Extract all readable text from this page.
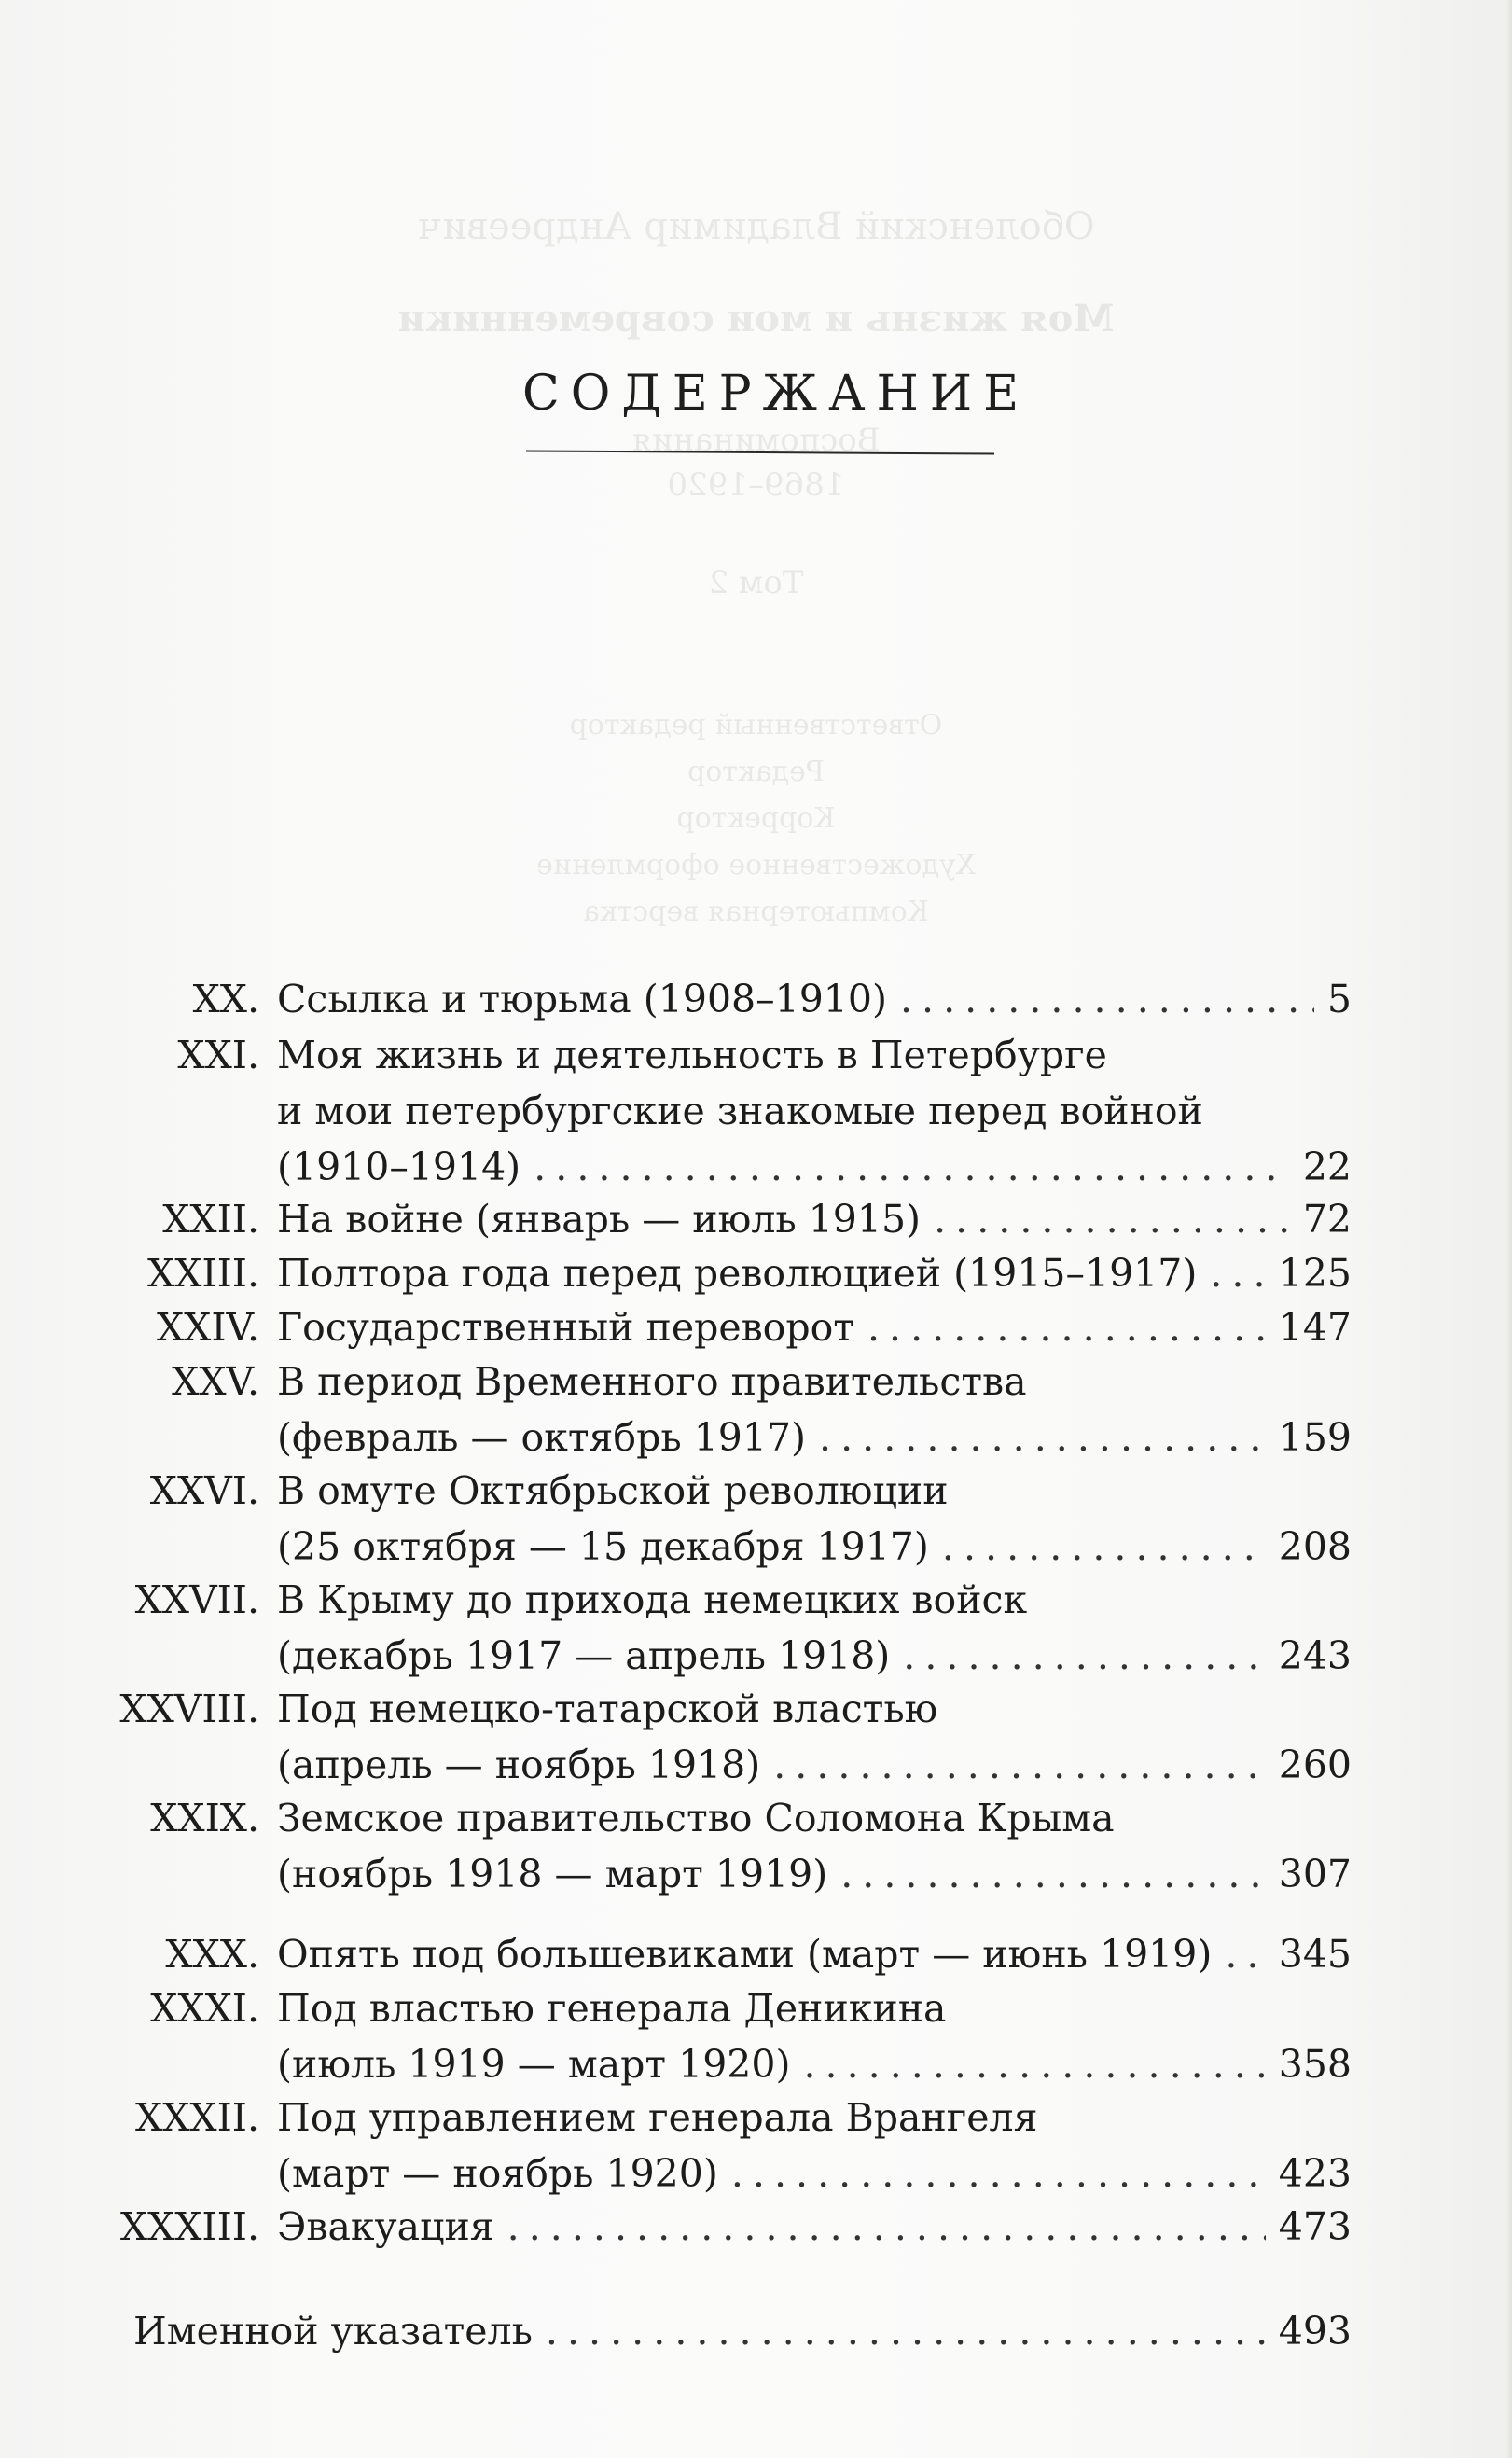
Оболенский Владимир Андреевич
Моя жизнь и мои современники
Воспоминания
1869–1920
Том 2
Ответственный редактор
Редактор
Корректор
Художественное оформление
Компьютерная верстка
СОДЕРЖАНИЕ
XX. Ссылка и тюрьма (1908–1910) . . .	5
XXI. Моя жизнь и деятельность в Петербурге
и мои петербургские знакомые перед войной
(1910–1914) . . .	22
XXII. На войне (январь — июль 1915) . . .	72
XXIII. Полтора года перед революцией (1915–1917) . . . 125
XXIV. Государственный переворот . . .	147
XXV. В период Временного правительства
(февраль — октябрь 1917) . . .	159
XXVI. В омуте Октябрьской революции
(25 октября — 15 декабря 1917) . . .	208
XXVII. В Крыму до прихода немецких войск
(декабрь 1917 — апрель 1918) . . .	243
XXVIII. Под немецко-татарской властью
(апрель — ноябрь 1918) . . .	260
XXIX. Земское правительство Соломона Крыма
(ноябрь 1918 — март 1919) . . .	307
XXX. Опять под большевиками (март — июнь 1919) . . . 345
XXXI. Под властью генерала Деникина
(июль 1919 — март 1920) . . .	358
XXXII. Под управлением генерала Врангеля
(март — ноябрь 1920) . . .	423
XXXIII. Эвакуация . . .	473
Именной указатель . . .	493
